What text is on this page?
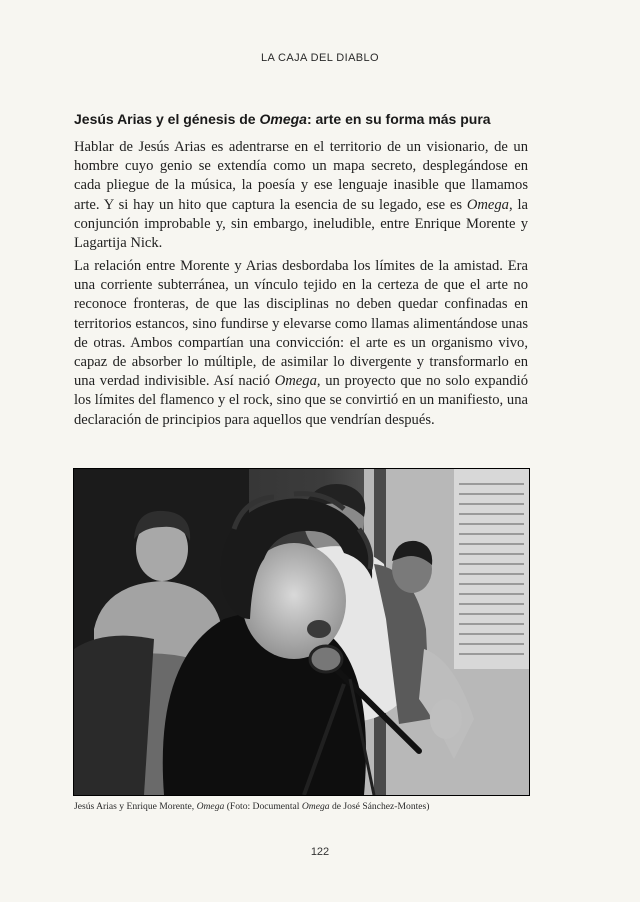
LA CAJA DEL DIABLO
Jesús Arias y el génesis de Omega: arte en su forma más pura

Hablar de Jesús Arias es adentrarse en el territorio de un visionario, de un hombre cuyo genio se extendía como un mapa secreto, desplegándose en cada pliegue de la música, la poesía y ese lenguaje inasible que llamamos arte. Y si hay un hito que captura la esencia de su legado, ese es Omega, la conjunción improbable y, sin embargo, ineludible, entre Enrique Morente y Lagartija Nick.

La relación entre Morente y Arias desbordaba los límites de la amistad. Era una corriente subterránea, un vínculo tejido en la certeza de que el arte no reconoce fronteras, de que las disciplinas no deben quedar confinadas en territorios estancos, sino fundirse y elevarse como llamas alimentándose unas de otras. Ambos compartían una convicción: el arte es un organismo vivo, capaz de absorber lo múltiple, de asimilar lo divergente y transformarlo en una verdad indivisible. Así nació Omega, un proyecto que no solo expandió los límites del flamenco y el rock, sino que se convirtió en un manifiesto, una declaración de principios para aquellos que vendrían después.

Jesús Arias y Enrique Morente, Omega (Foto: Documental Omega de José Sánchez-Montes)
122
